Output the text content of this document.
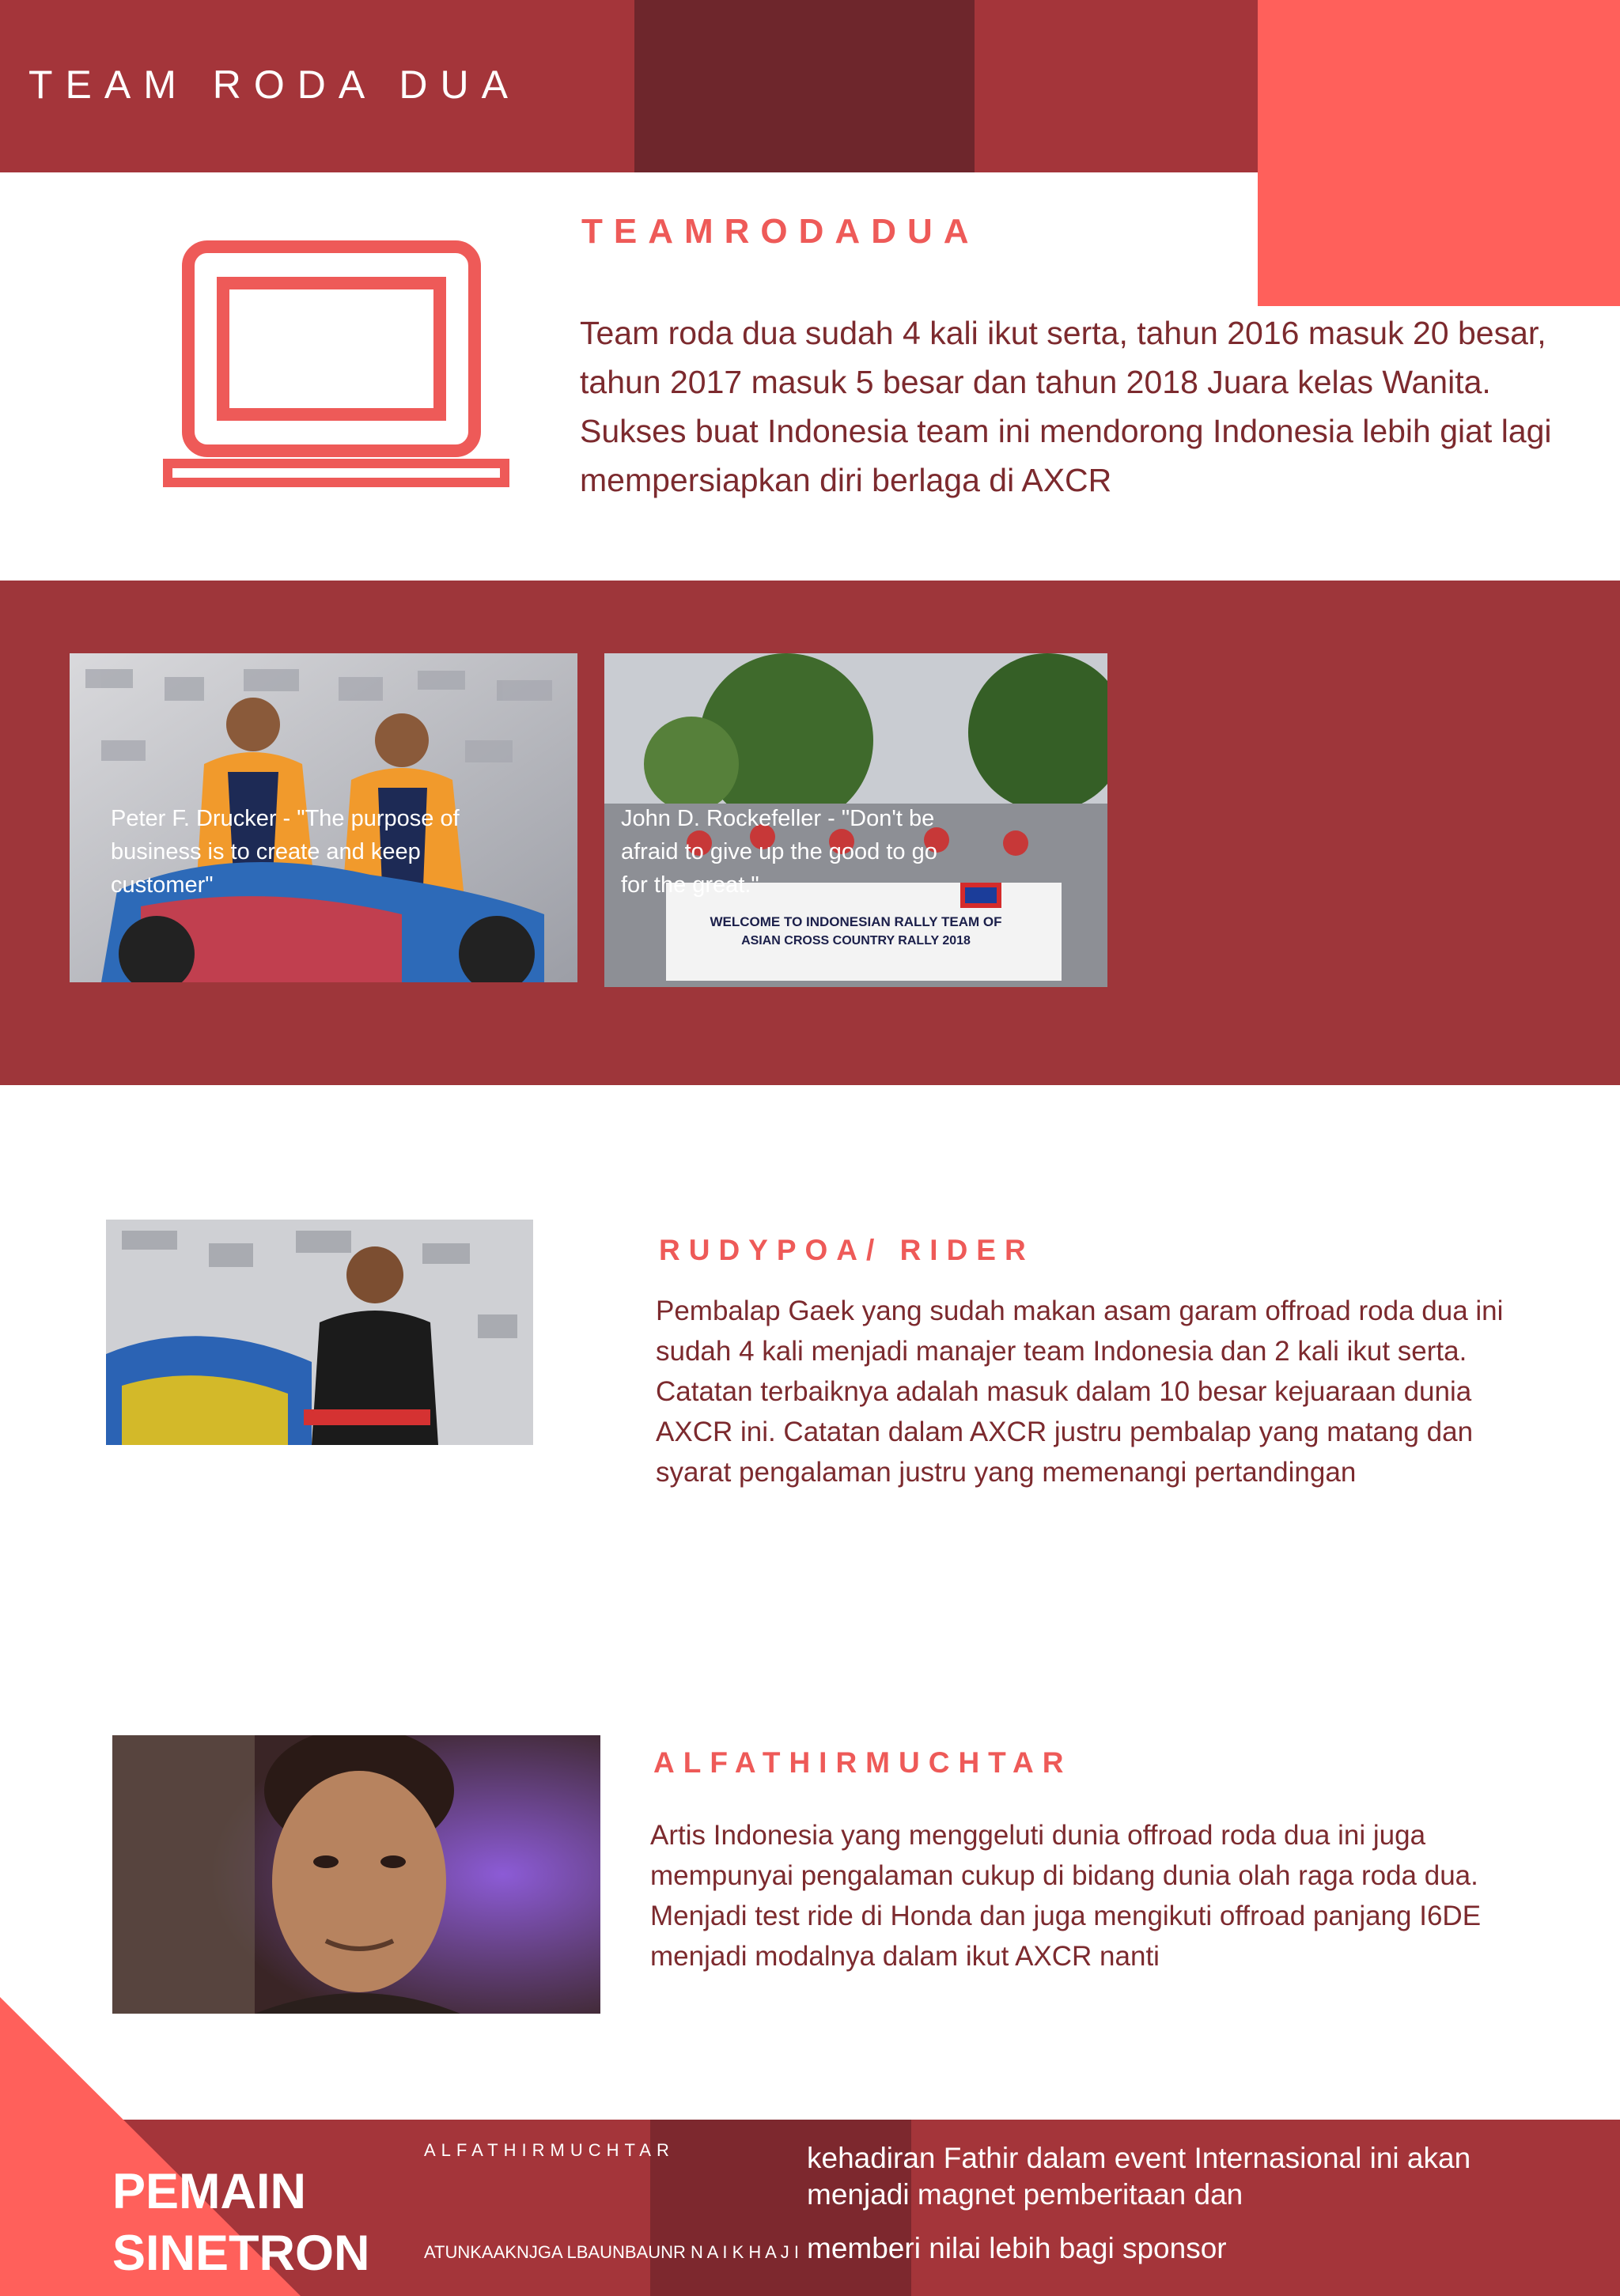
TEAM RODA DUA
TEAMRODADUA
Team roda dua sudah 4 kali ikut serta, tahun 2016 masuk 20 besar, tahun 2017 masuk 5 besar dan tahun 2018 Juara kelas Wanita. Sukses buat Indonesia team ini mendorong Indonesia lebih giat lagi mempersiapkan diri berlaga di AXCR
Peter F. Drucker - "The purpose of business is to create and keep customer"
WELCOME TO INDONESIAN RALLY TEAM OF
ASIAN CROSS COUNTRY RALLY 2018
John D. Rockefeller - "Don't be afraid to give up the good to go for the great."
RUDYPOA/ RIDER
Pembalap Gaek yang sudah makan asam garam offroad roda dua ini sudah 4 kali menjadi manajer team Indonesia dan 2 kali ikut serta. Catatan terbaiknya adalah masuk dalam 10 besar kejuaraan dunia AXCR ini. Catatan dalam AXCR justru pembalap yang matang dan syarat pengalaman justru yang memenangi pertandingan
ALFATHIRMUCHTAR
Artis Indonesia yang menggeluti dunia offroad roda dua ini juga mempunyai pengalaman cukup di bidang dunia olah raga roda dua. Menjadi test ride di Honda dan juga mengikuti offroad panjang I6DE menjadi modalnya dalam ikut AXCR nanti
PEMAIN SINETRON
ALFATHIRMUCHTAR
ATUNKAAKNJGA LBAUNBAUNR N A I K H A J I
kehadiran Fathir dalam event Internasional ini akan menjadi magnet pemberitaan dan
memberi nilai lebih bagi sponsor
